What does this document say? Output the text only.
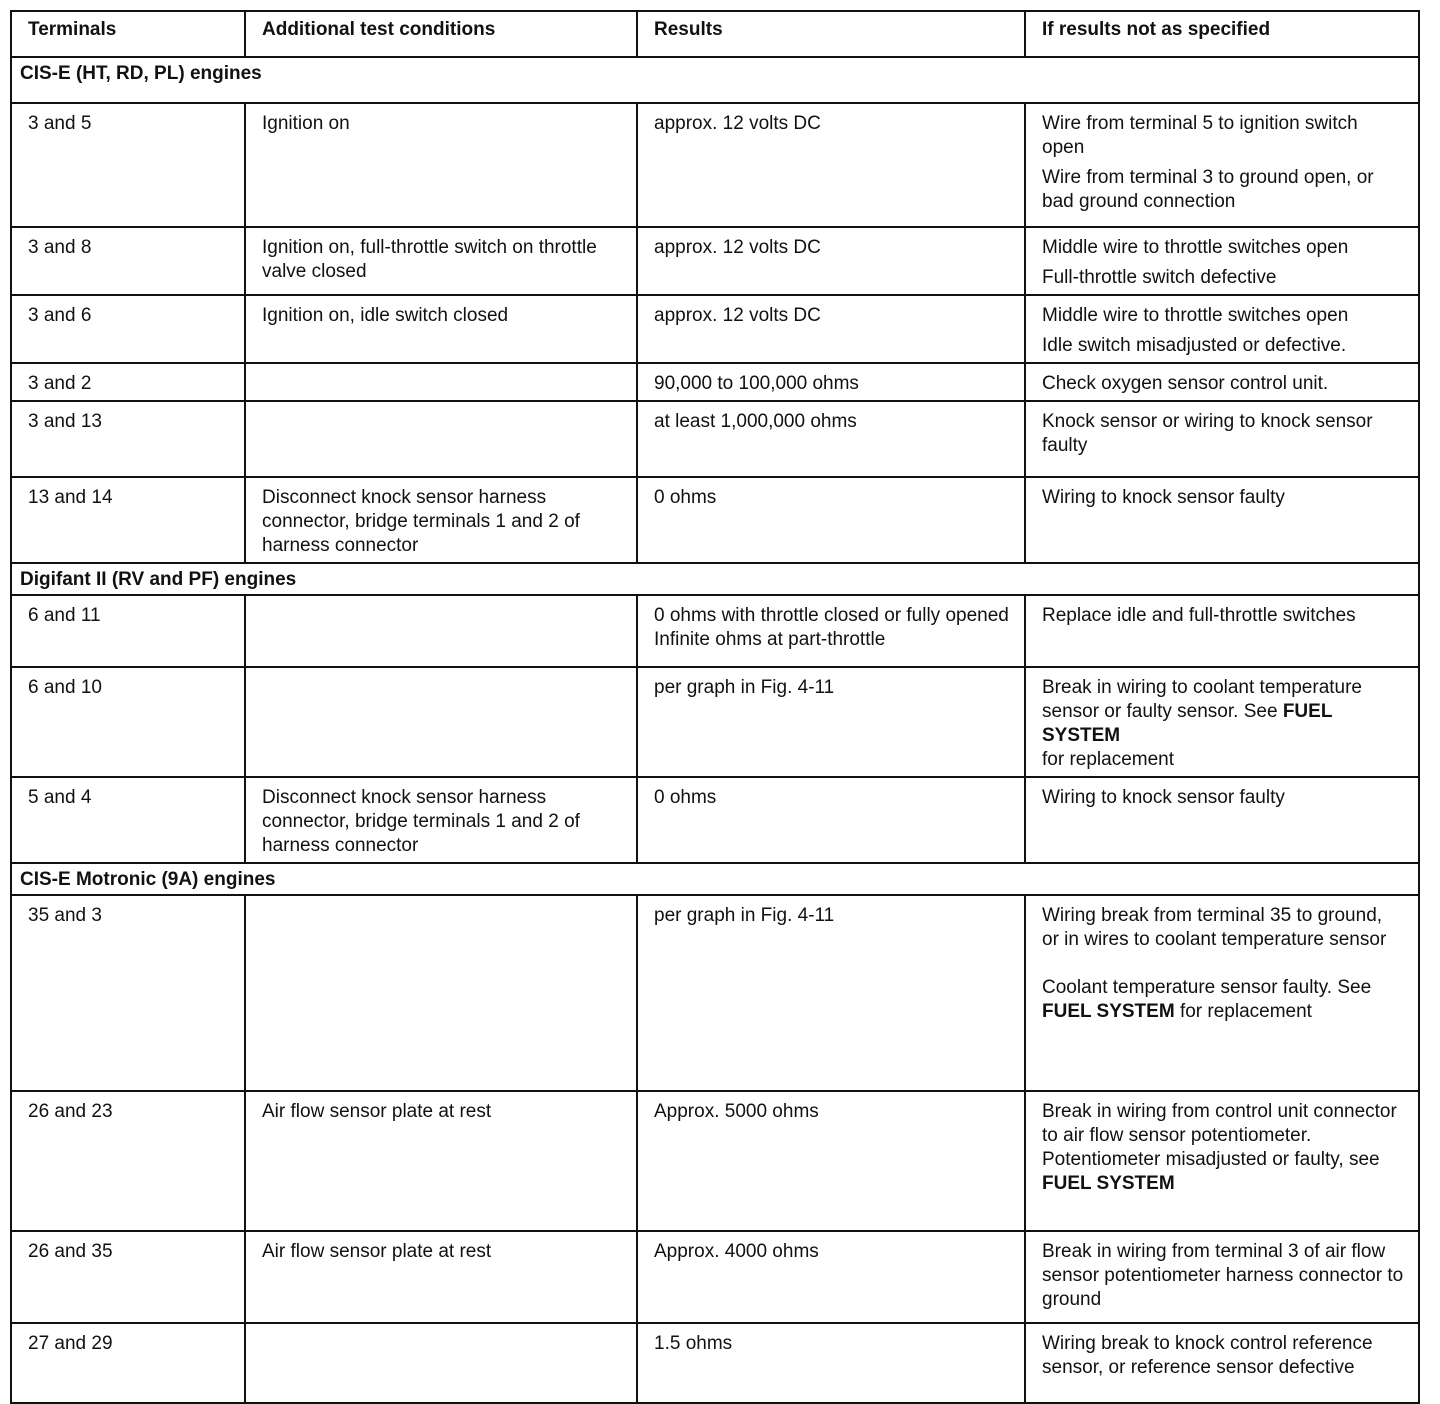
Terminals	Additional test conditions	Results	If results not as specified
CIS-E (HT, RD, PL) engines			
3 and 5	Ignition on	approx. 12 volts DC	Wire from terminal 5 to ignition switch open
Wire from terminal 3 to ground open, or bad ground connection

3 and 8	Ignition on, full-throttle switch on throttle valve closed	approx. 12 volts DC	Middle wire to throttle switches open
Full-throttle switch defective

3 and 6	Ignition on, idle switch closed	approx. 12 volts DC	Middle wire to throttle switches open
Idle switch misadjusted or defective.

3 and 2		90,000 to 100,000 ohms	Check oxygen sensor control unit.
3 and 13		at least 1,000,000 ohms	Knock sensor or wiring to knock sensor faulty
13 and 14	Disconnect knock sensor harness connector, bridge terminals 1 and 2 of harness connector	0 ohms	Wiring to knock sensor faulty
Digifant II (RV and PF) engines			
6 and 11		0 ohms with throttle closed or fully opened Infinite ohms at part-throttle	Replace idle and full-throttle switches
6 and 10		per graph in Fig. 4-11	Break in wiring to coolant temperature sensor or faulty sensor. See FUEL SYSTEM
for replacement
5 and 4	Disconnect knock sensor harness connector, bridge terminals 1 and 2 of harness connector	0 ohms	Wiring to knock sensor faulty
CIS-E Motronic (9A) engines			
35 and 3		per graph in Fig. 4-11	Wiring break from terminal 35 to ground, or in wires to coolant temperature sensor
Coolant temperature sensor faulty. See FUEL SYSTEM for replacement

26 and 23	Air flow sensor plate at rest	Approx. 5000 ohms	Break in wiring from control unit connector to air flow sensor potentiometer. Potentiometer misadjusted or faulty, see FUEL SYSTEM
26 and 35	Air flow sensor plate at rest	Approx. 4000 ohms	Break in wiring from terminal 3 of air flow sensor potentiometer harness connector to ground
27 and 29		1.5 ohms	Wiring break to knock control reference sensor, or reference sensor defective
